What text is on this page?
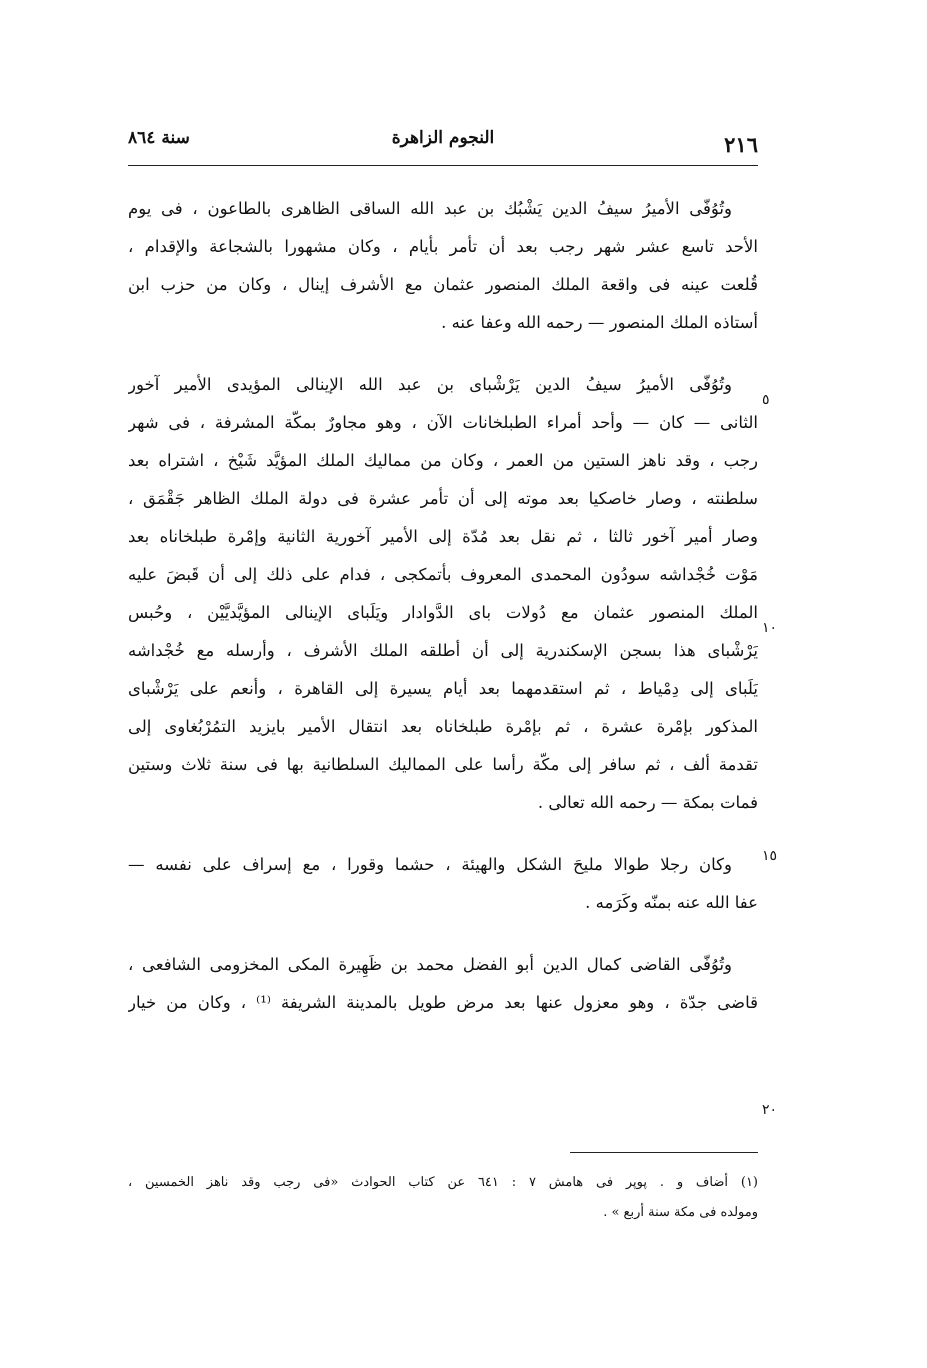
٢١٦
النجوم الزاهرة
سنة ٨٦٤
وتُوُفّى الأميرُ سيفُ الدين يَشْبُك بن عبد الله الساقى الظاهرى بالطاعون ، فى يوم
الأحد تاسع عشر شهر رجب بعد أن تأمر بأيام ، وكان مشهورا بالشجاعة والإقدام ،
قُلعت عينه فى واقعة الملك المنصور عثمان مع الأشرف إينال ، وكان من حزب ابن
أستاذه الملك المنصور — رحمه الله وعفا عنه .
وتُوُفّى الأميرُ سيفُ الدين يَرْشْباى بن عبد الله الإينالى المؤيدى الأمير آخور
الثانى — كان — وأحد أمراء الطبلخانات الآن ، وهو مجاورٌ بمكّة المشرفة ، فى شهر
رجب ، وقد ناهز الستين من العمر ، وكان من مماليك الملك المؤيَّد شَيْخ ، اشتراه بعد
سلطنته ، وصار خاصكيا بعد موته إلى أن تأمر عشرة فى دولة الملك الظاهر جَقْمَق ،
وصار أمير آخور ثالثا ، ثم نقل بعد مُدّة إلى الأمير آخورية الثانية وإمْرة طبلخاناه بعد
مَوْت خُجْداشه سودُون المحمدى المعروف بأتمكجى ، فدام على ذلك إلى أن قَبضَ عليه
الملك المنصور عثمان مع دُولات باى الدَّوادار ويَلَباى الإينالى المؤيَّديَّيْن ، وحُبس
يَرْشْباى هذا بسجن الإسكندرية إلى أن أطلقه الملك الأشرف ، وأرسله مع خُجْداشه
يَلَباى إلى دِمْياط ، ثم استقدمهما بعد أيام يسيرة إلى القاهرة ، وأنعم على يَرْشْباى
المذكور بإمْرة عشرة ، ثم بإمْرة طبلخاناه بعد انتقال الأمير بايزيد التمُرْبُغاوى إلى
تقدمة ألف ، ثم سافر إلى مكّة رأسا على المماليك السلطانية بها فى سنة ثلاث وستين
فمات بمكة — رحمه الله تعالى .
وكان رجلا طوالا مليحَ الشكل والهيئة ، حشما وقورا ، مع إسراف على نفسه —
عفا الله عنه بمنّه وكَرَمه .
وتُوُفّى القاضى كمال الدين أبو الفضل محمد بن ظَهِيرة المكى المخزومى الشافعى ،
قاضى جدّة ، وهو معزول عنها بعد مرض طويل بالمدينة الشريفة ⁽¹⁾ ، وكان من خيار
٥
١٠
١٥
٢٠
(١) أضاف و . پوپر فى هامش ٧ : ٦٤١ عن كتاب الحوادث «فى رجب وقد ناهز الخمسين ،
ومولده فى مكة سنة أربع » .
